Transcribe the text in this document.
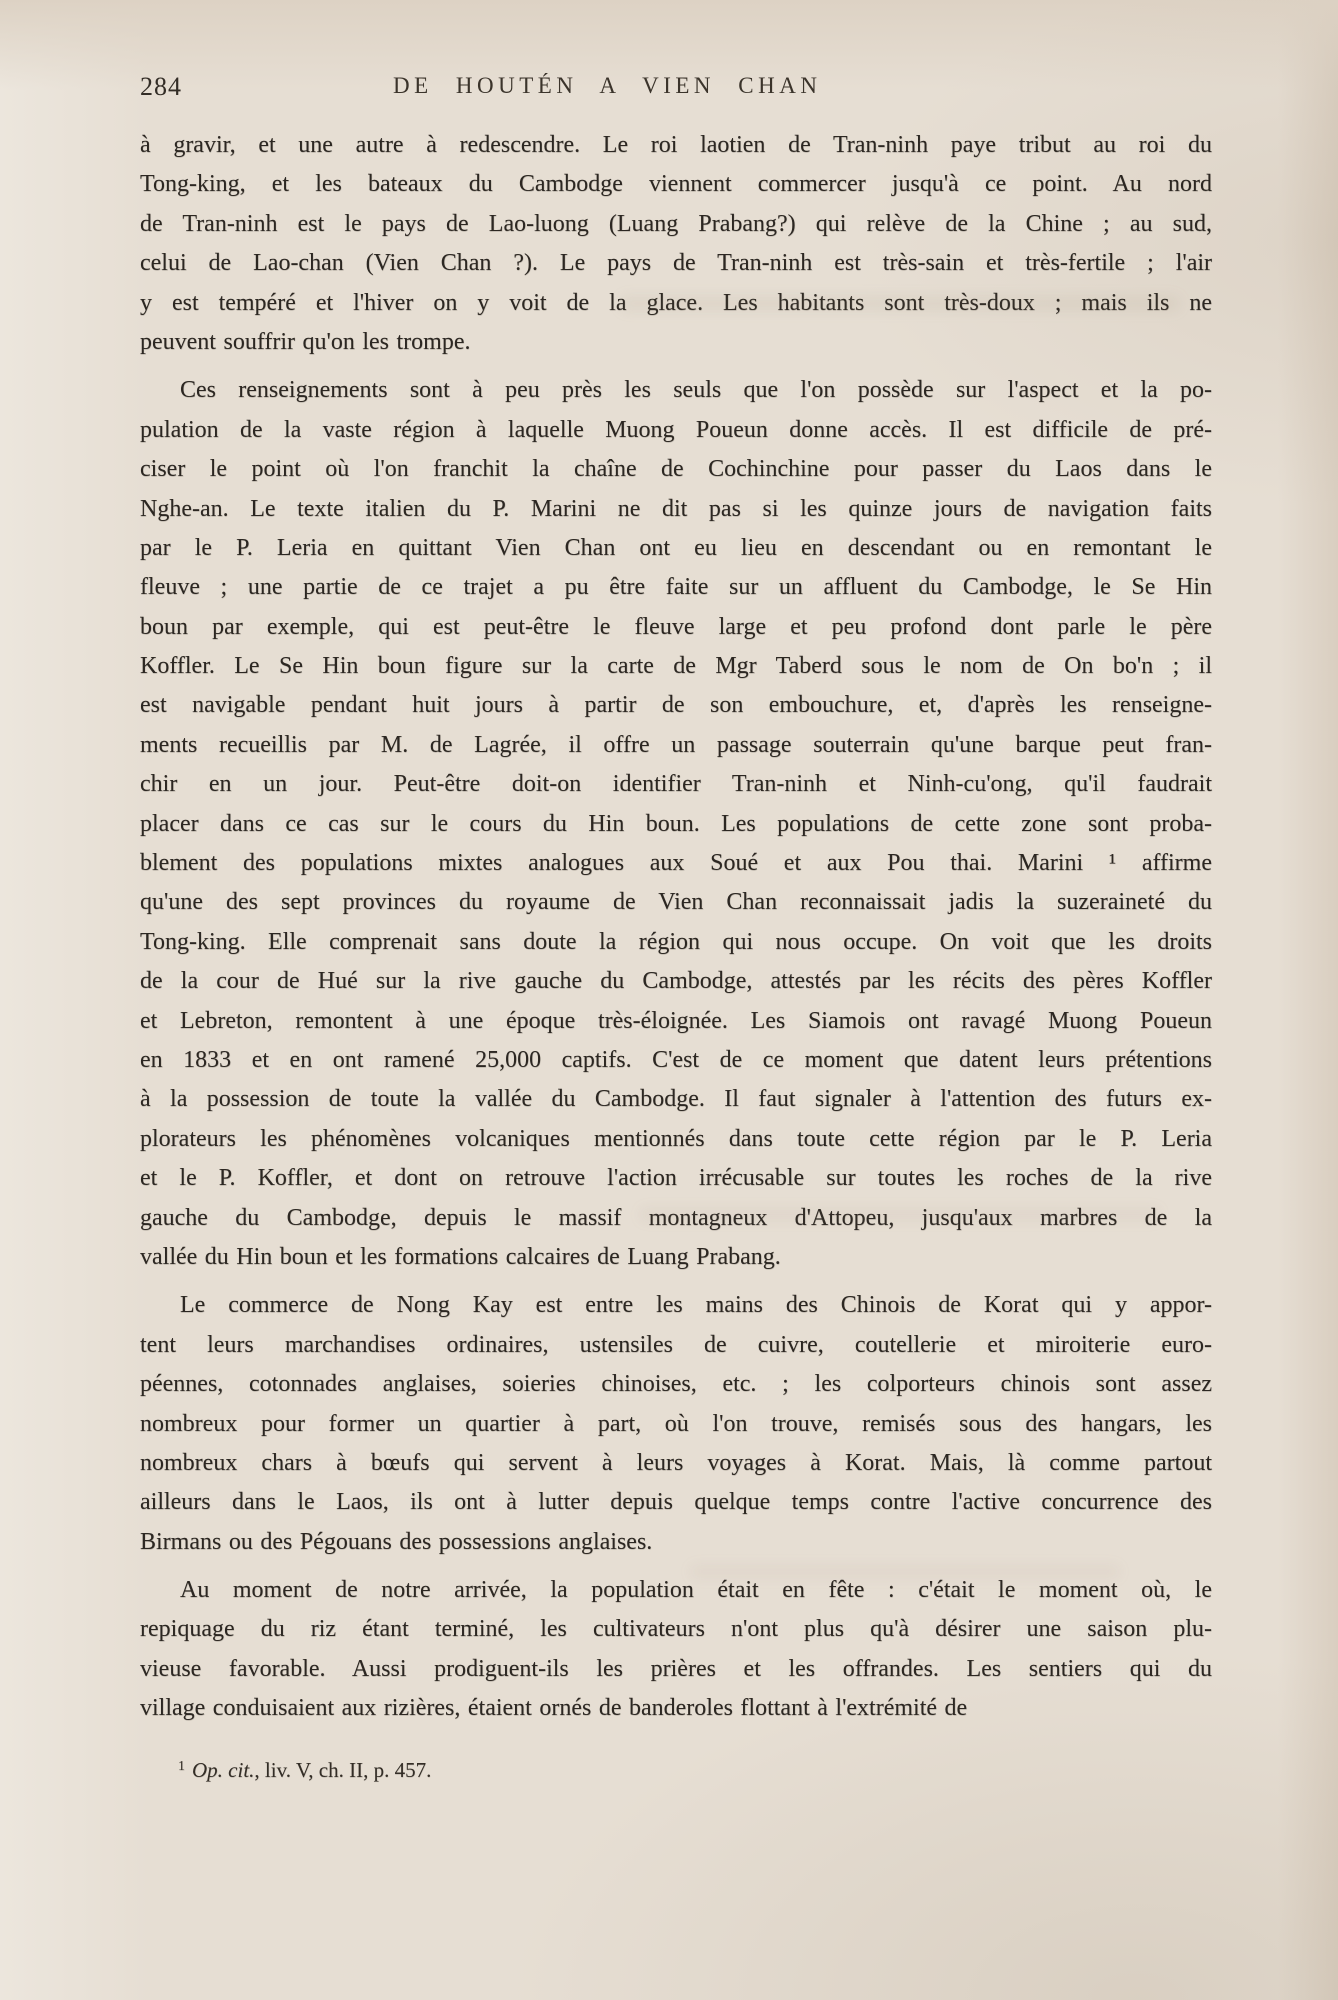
284	DE HOUTÉN A VIEN CHAN

à gravir, et une autre à redescendre. Le roi laotien de Tran-ninh paye tribut au roi du
Tong-king, et les bateaux du Cambodge viennent commercer jusqu'à ce point. Au nord
de Tran-ninh est le pays de Lao-luong (Luang Prabang?) qui relève de la Chine ; au sud,
celui de Lao-chan (Vien Chan ?). Le pays de Tran-ninh est très-sain et très-fertile ; l'air
y est tempéré et l'hiver on y voit de la glace. Les habitants sont très-doux ; mais ils ne
peuvent souffrir qu'on les trompe.

Ces renseignements sont à peu près les seuls que l'on possède sur l'aspect et la po-
pulation de la vaste région à laquelle Muong Poueun donne accès. Il est difficile de pré-
ciser le point où l'on franchit la chaîne de Cochinchine pour passer du Laos dans le
Nghe-an. Le texte italien du P. Marini ne dit pas si les quinze jours de navigation faits
par le P. Leria en quittant Vien Chan ont eu lieu en descendant ou en remontant le
fleuve ; une partie de ce trajet a pu être faite sur un affluent du Cambodge, le Se Hin
boun par exemple, qui est peut-être le fleuve large et peu profond dont parle le père
Koffler. Le Se Hin boun figure sur la carte de Mgr Taberd sous le nom de On bo'n ; il
est navigable pendant huit jours à partir de son embouchure, et, d'après les renseigne-
ments recueillis par M. de Lagrée, il offre un passage souterrain qu'une barque peut fran-
chir en un jour. Peut-être doit-on identifier Tran-ninh et Ninh-cu'ong, qu'il faudrait
placer dans ce cas sur le cours du Hin boun. Les populations de cette zone sont proba-
blement des populations mixtes analogues aux Soué et aux Pou thai. Marini ¹ affirme
qu'une des sept provinces du royaume de Vien Chan reconnaissait jadis la suzeraineté du
Tong-king. Elle comprenait sans doute la région qui nous occupe. On voit que les droits
de la cour de Hué sur la rive gauche du Cambodge, attestés par les récits des pères Koffler
et Lebreton, remontent à une époque très-éloignée. Les Siamois ont ravagé Muong Poueun
en 1833 et en ont ramené 25,000 captifs. C'est de ce moment que datent leurs prétentions
à la possession de toute la vallée du Cambodge. Il faut signaler à l'attention des futurs ex-
plorateurs les phénomènes volcaniques mentionnés dans toute cette région par le P. Leria
et le P. Koffler, et dont on retrouve l'action irrécusable sur toutes les roches de la rive
gauche du Cambodge, depuis le massif montagneux d'Attopeu, jusqu'aux marbres de la
vallée du Hin boun et les formations calcaires de Luang Prabang.

Le commerce de Nong Kay est entre les mains des Chinois de Korat qui y appor-
tent leurs marchandises ordinaires, ustensiles de cuivre, coutellerie et miroiterie euro-
péennes, cotonnades anglaises, soieries chinoises, etc. ; les colporteurs chinois sont assez
nombreux pour former un quartier à part, où l'on trouve, remisés sous des hangars, les
nombreux chars à bœufs qui servent à leurs voyages à Korat. Mais, là comme partout
ailleurs dans le Laos, ils ont à lutter depuis quelque temps contre l'active concurrence des
Birmans ou des Pégouans des possessions anglaises.

Au moment de notre arrivée, la population était en fête : c'était le moment où, le
repiquage du riz étant terminé, les cultivateurs n'ont plus qu'à désirer une saison plu-
vieuse favorable. Aussi prodiguent-ils les prières et les offrandes. Les sentiers qui du
village conduisaient aux rizières, étaient ornés de banderoles flottant à l'extrémité de

$^1$ Op. cit., liv. V, ch. II, p. 457.
